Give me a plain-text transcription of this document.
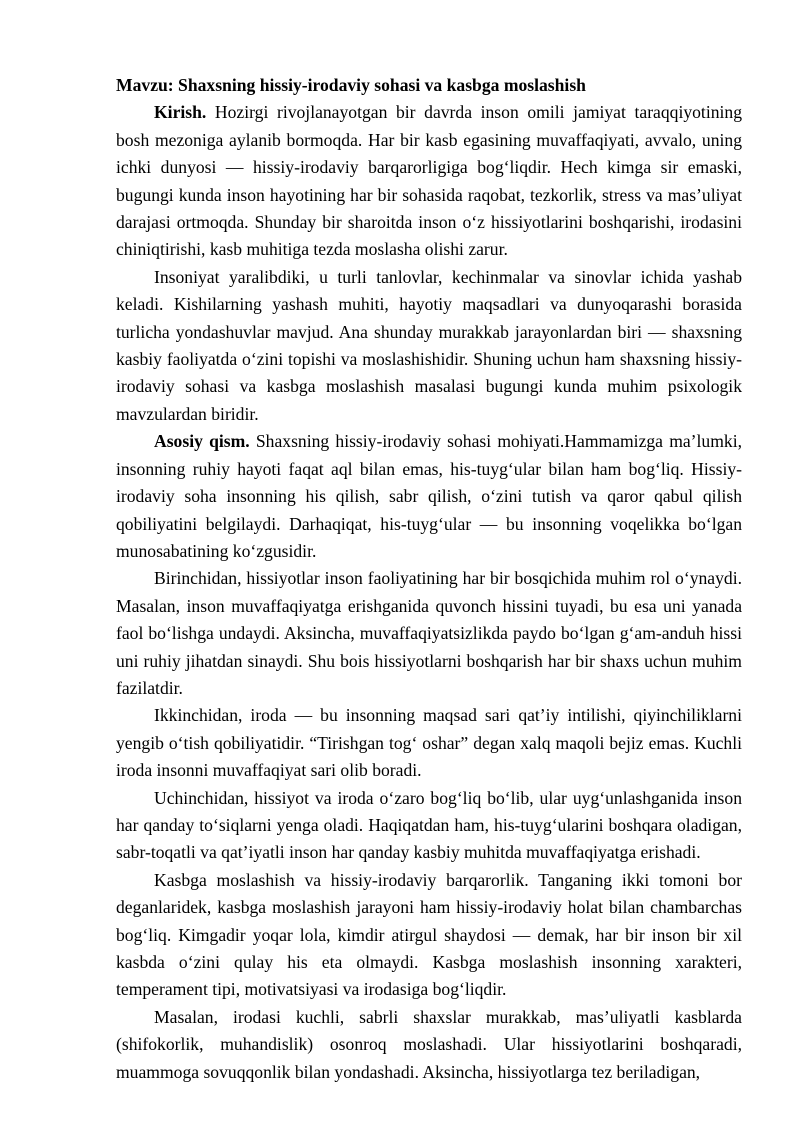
Mavzu: Shaxsning hissiy-irodaviy sohasi va kasbga moslashish

Kirish. Hozirgi rivojlanayotgan bir davrda inson omili jamiyat taraqqiyotining bosh mezoniga aylanib bormoqda. Har bir kasb egasining muvaffaqiyati, avvalo, uning ichki dunyosi — hissiy-irodaviy barqarorligiga bog‘liqdir. Hech kimga sir emaski, bugungi kunda inson hayotining har bir sohasida raqobat, tezkorlik, stress va mas’uliyat darajasi ortmoqda. Shunday bir sharoitda inson o‘z hissiyotlarini boshqarishi, irodasini chiniqtirishi, kasb muhitiga tezda moslasha olishi zarur.

Insoniyat yaralibdiki, u turli tanlovlar, kechinmalar va sinovlar ichida yashab keladi. Kishilarning yashash muhiti, hayotiy maqsadlari va dunyoqarashi borasida turlicha yondashuvlar mavjud. Ana shunday murakkab jarayonlardan biri — shaxsning kasbiy faoliyatda o‘zini topishi va moslashishidir. Shuning uchun ham shaxsning hissiy-irodaviy sohasi va kasbga moslashish masalasi bugungi kunda muhim psixologik mavzulardan biridir.

Asosiy qism. Shaxsning hissiy-irodaviy sohasi mohiyati.Hammamizga ma’lumki, insonning ruhiy hayoti faqat aql bilan emas, his-tuyg‘ular bilan ham bog‘liq. Hissiy-irodaviy soha insonning his qilish, sabr qilish, o‘zini tutish va qaror qabul qilish qobiliyatini belgilaydi. Darhaqiqat, his-tuyg‘ular — bu insonning voqelikka bo‘lgan munosabatining ko‘zgusidir.

Birinchidan, hissiyotlar inson faoliyatining har bir bosqichida muhim rol o‘ynaydi. Masalan, inson muvaffaqiyatga erishganida quvonch hissini tuyadi, bu esa uni yanada faol bo‘lishga undaydi. Aksincha, muvaffaqiyatsizlikda paydo bo‘lgan g‘am-anduh hissi uni ruhiy jihatdan sinaydi. Shu bois hissiyotlarni boshqarish har bir shaxs uchun muhim fazilatdir.

Ikkinchidan, iroda — bu insonning maqsad sari qat’iy intilishi, qiyinchiliklarni yengib o‘tish qobiliyatidir. “Tirishgan tog‘ oshar” degan xalq maqoli bejiz emas. Kuchli iroda insonni muvaffaqiyat sari olib boradi.

Uchinchidan, hissiyot va iroda o‘zaro bog‘liq bo‘lib, ular uyg‘unlashganida inson har qanday to‘siqlarni yenga oladi. Haqiqatdan ham, his-tuyg‘ularini boshqara oladigan, sabr-toqatli va qat’iyatli inson har qanday kasbiy muhitda muvaffaqiyatga erishadi.

Kasbga moslashish va hissiy-irodaviy barqarorlik. Tanganing ikki tomoni bor deganlaridek, kasbga moslashish jarayoni ham hissiy-irodaviy holat bilan chambarchas bog‘liq. Kimgadir yoqar lola, kimdir atirgul shaydosi — demak, har bir inson bir xil kasbda o‘zini qulay his eta olmaydi. Kasbga moslashish insonning xarakteri, temperament tipi, motivatsiyasi va irodasiga bog‘liqdir.

Masalan, irodasi kuchli, sabrli shaxslar murakkab, mas’uliyatli kasblarda (shifokorlik, muhandislik) osonroq moslashadi. Ular hissiyotlarini boshqaradi, muammoga sovuqqonlik bilan yondashadi. Aksincha, hissiyotlarga tez beriladigan,
